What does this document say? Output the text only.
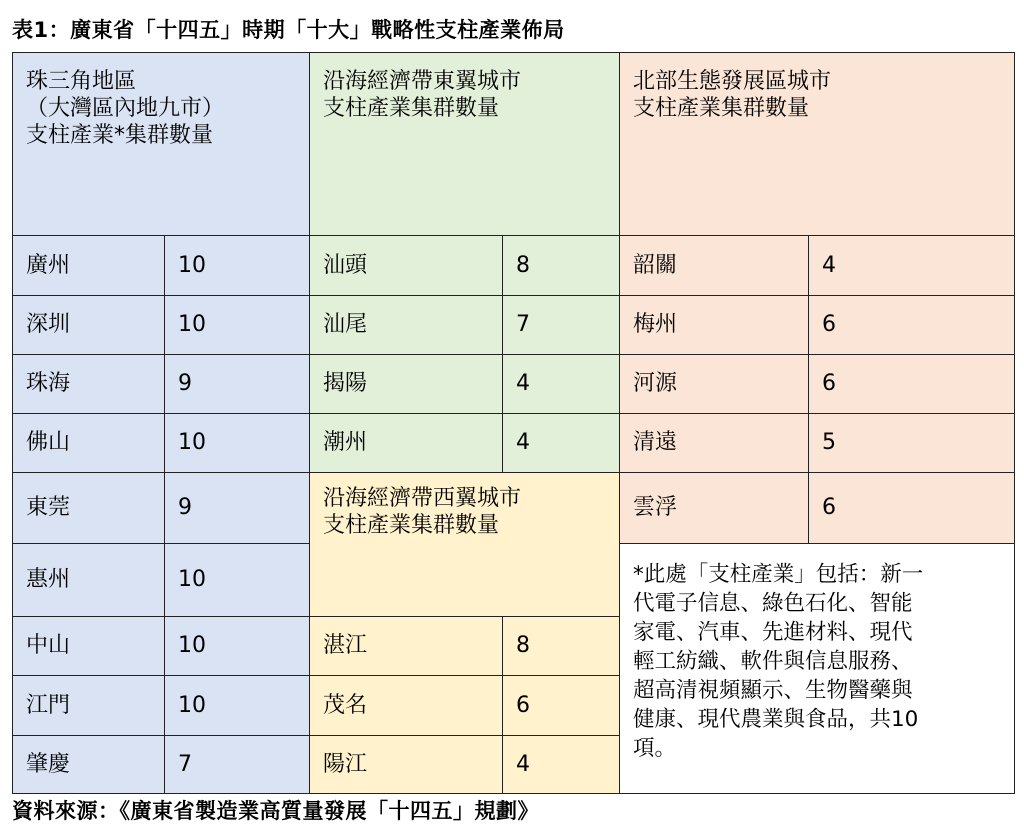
表1：廣東省「十四五」時期「十大」戰略性支柱產業佈局
珠三角地區
（大灣區內地九市）
支柱產業*集群數量
沿海經濟帶東翼城市
支柱產業集群數量
北部生態發展區城市
支柱產業集群數量
廣州	10
深圳	10
珠海	9
佛山	10
東莞	9
惠州	10
中山	10
江門	10
肇慶	7
汕頭	8
汕尾	7
揭陽	4
潮州	4
沿海經濟帶西翼城市
支柱產業集群數量
湛江	8
茂名	6
陽江	4
韶關	4
梅州	6
河源	6
清遠	5
雲浮	6
*此處「支柱產業」包括：新一
代電子信息、綠色石化、智能
家電、汽車、先進材料、現代
輕工紡織、軟件與信息服務、
超高清視頻顯示、生物醫藥與
健康、現代農業與食品，共10
項。
資料來源：《廣東省製造業高質量發展「十四五」規劃》
